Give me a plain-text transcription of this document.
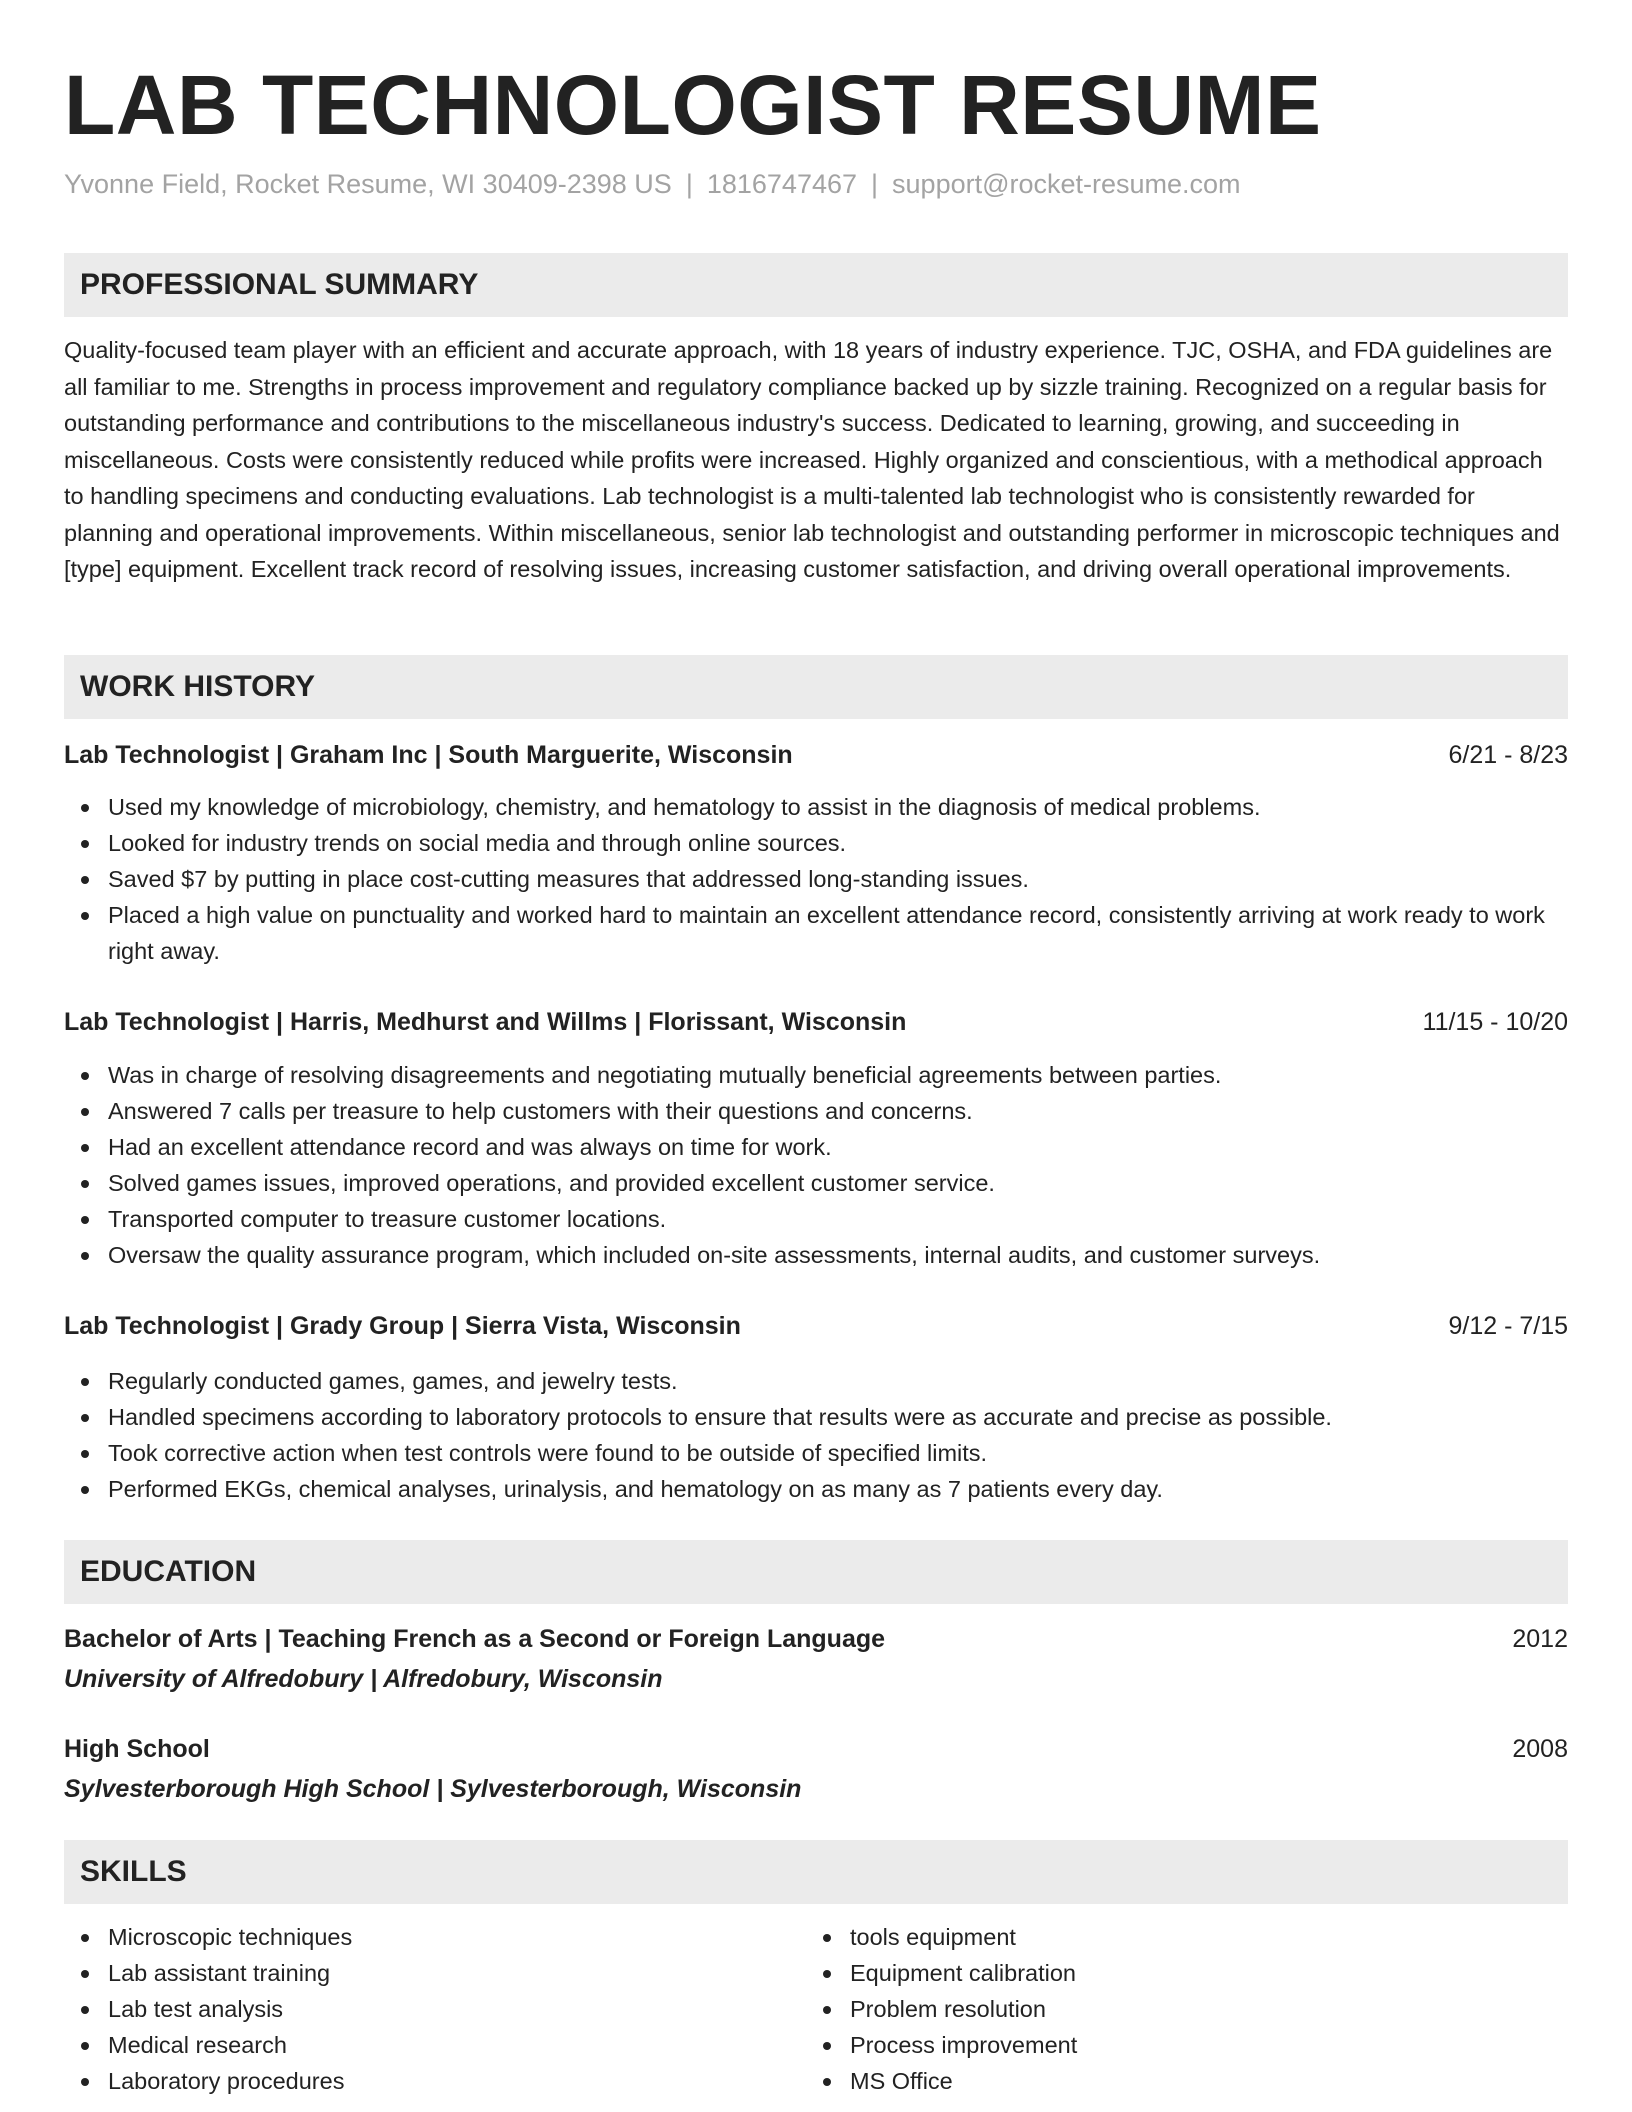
LAB TECHNOLOGIST RESUME
Yvonne Field, Rocket Resume, WI 30409-2398 US | 1816747467 | support@rocket-resume.com
PROFESSIONAL SUMMARY

Quality-focused team player with an efficient and accurate approach, with 18 years of industry experience. TJC, OSHA, and FDA guidelines are all familiar to me. Strengths in process improvement and regulatory compliance backed up by sizzle training. Recognized on a regular basis for outstanding performance and contributions to the miscellaneous industry's success. Dedicated to learning, growing, and succeeding in miscellaneous. Costs were consistently reduced while profits were increased. Highly organized and conscientious, with a methodical approach to handling specimens and conducting evaluations. Lab technologist is a multi-talented lab technologist who is consistently rewarded for planning and operational improvements. Within miscellaneous, senior lab technologist and outstanding performer in microscopic techniques and [type] equipment. Excellent track record of resolving issues, increasing customer satisfaction, and driving overall operational improvements.

WORK HISTORY
Lab Technologist | Graham Inc | South Marguerite, Wisconsin	6/21 - 8/23
Used my knowledge of microbiology, chemistry, and hematology to assist in the diagnosis of medical problems.
Looked for industry trends on social media and through online sources.
Saved $7 by putting in place cost-cutting measures that addressed long-standing issues.
Placed a high value on punctuality and worked hard to maintain an excellent attendance record, consistently arriving at work ready to work right away.
Lab Technologist | Harris, Medhurst and Willms | Florissant, Wisconsin	11/15 - 10/20
Was in charge of resolving disagreements and negotiating mutually beneficial agreements between parties.
Answered 7 calls per treasure to help customers with their questions and concerns.
Had an excellent attendance record and was always on time for work.
Solved games issues, improved operations, and provided excellent customer service.
Transported computer to treasure customer locations.
Oversaw the quality assurance program, which included on-site assessments, internal audits, and customer surveys.
Lab Technologist | Grady Group | Sierra Vista, Wisconsin	9/12 - 7/15
Regularly conducted games, games, and jewelry tests.
Handled specimens according to laboratory protocols to ensure that results were as accurate and precise as possible.
Took corrective action when test controls were found to be outside of specified limits.
Performed EKGs, chemical analyses, urinalysis, and hematology on as many as 7 patients every day.
EDUCATION
Bachelor of Arts | Teaching French as a Second or Foreign Language	2012
University of Alfredobury | Alfredobury, Wisconsin
High School	2008
Sylvesterborough High School | Sylvesterborough, Wisconsin
SKILLS
Microscopic techniques
Lab assistant training
Lab test analysis
Medical research
Laboratory procedures
tools equipment
Equipment calibration
Problem resolution
Process improvement
MS Office
